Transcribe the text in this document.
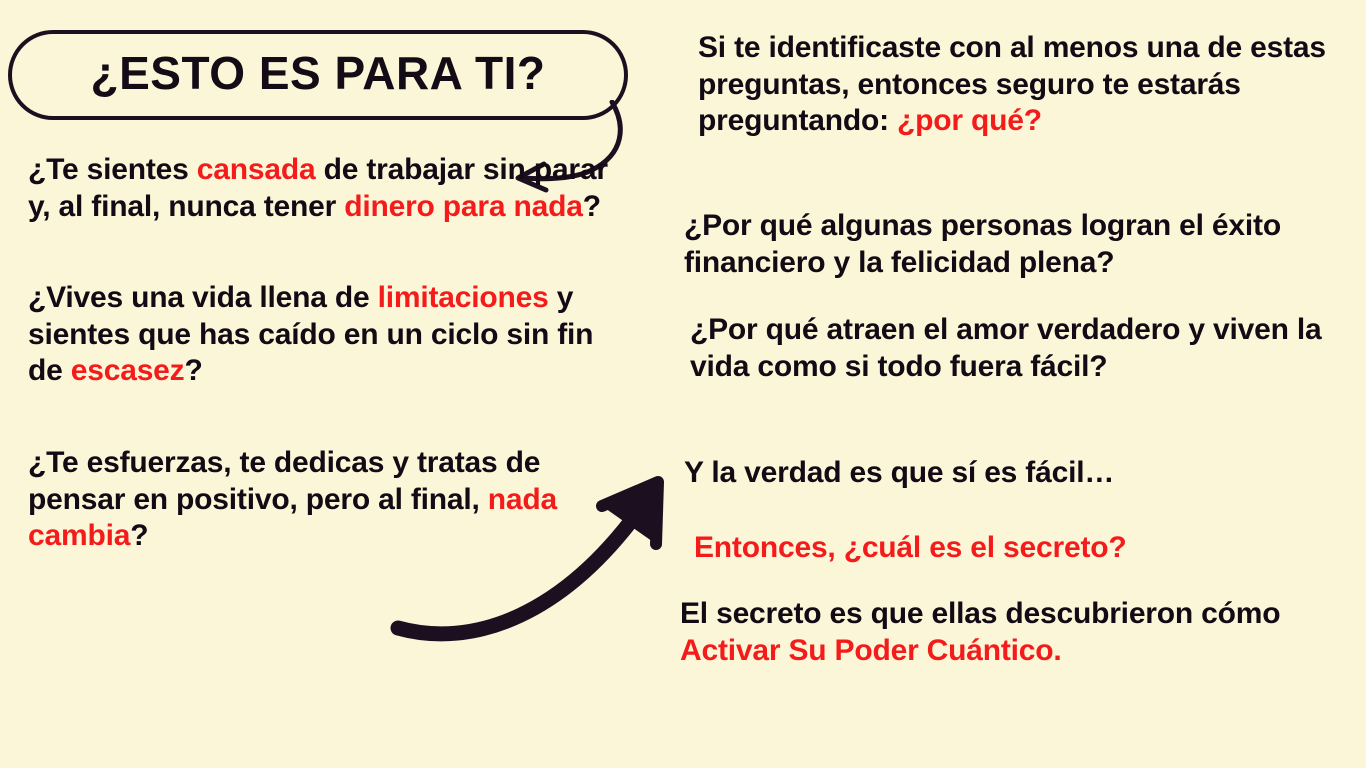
¿ESTO ES PARA TI?
¿Te sientes cansada de trabajar sin parar y, al final, nunca tener dinero para nada?
¿Vives una vida llena de limitaciones y sientes que has caído en un ciclo sin fin de escasez?
¿Te esfuerzas, te dedicas y tratas de pensar en positivo, pero al final, nada cambia?
Si te identificaste con al menos una de estas preguntas, entonces seguro te estarás preguntando: ¿por qué?
¿Por qué algunas personas logran el éxito financiero y la felicidad plena?
¿Por qué atraen el amor verdadero y viven la vida como si todo fuera fácil?
Y la verdad es que sí es fácil…
Entonces, ¿cuál es el secreto?
El secreto es que ellas descubrieron cómo Activar Su Poder Cuántico.
